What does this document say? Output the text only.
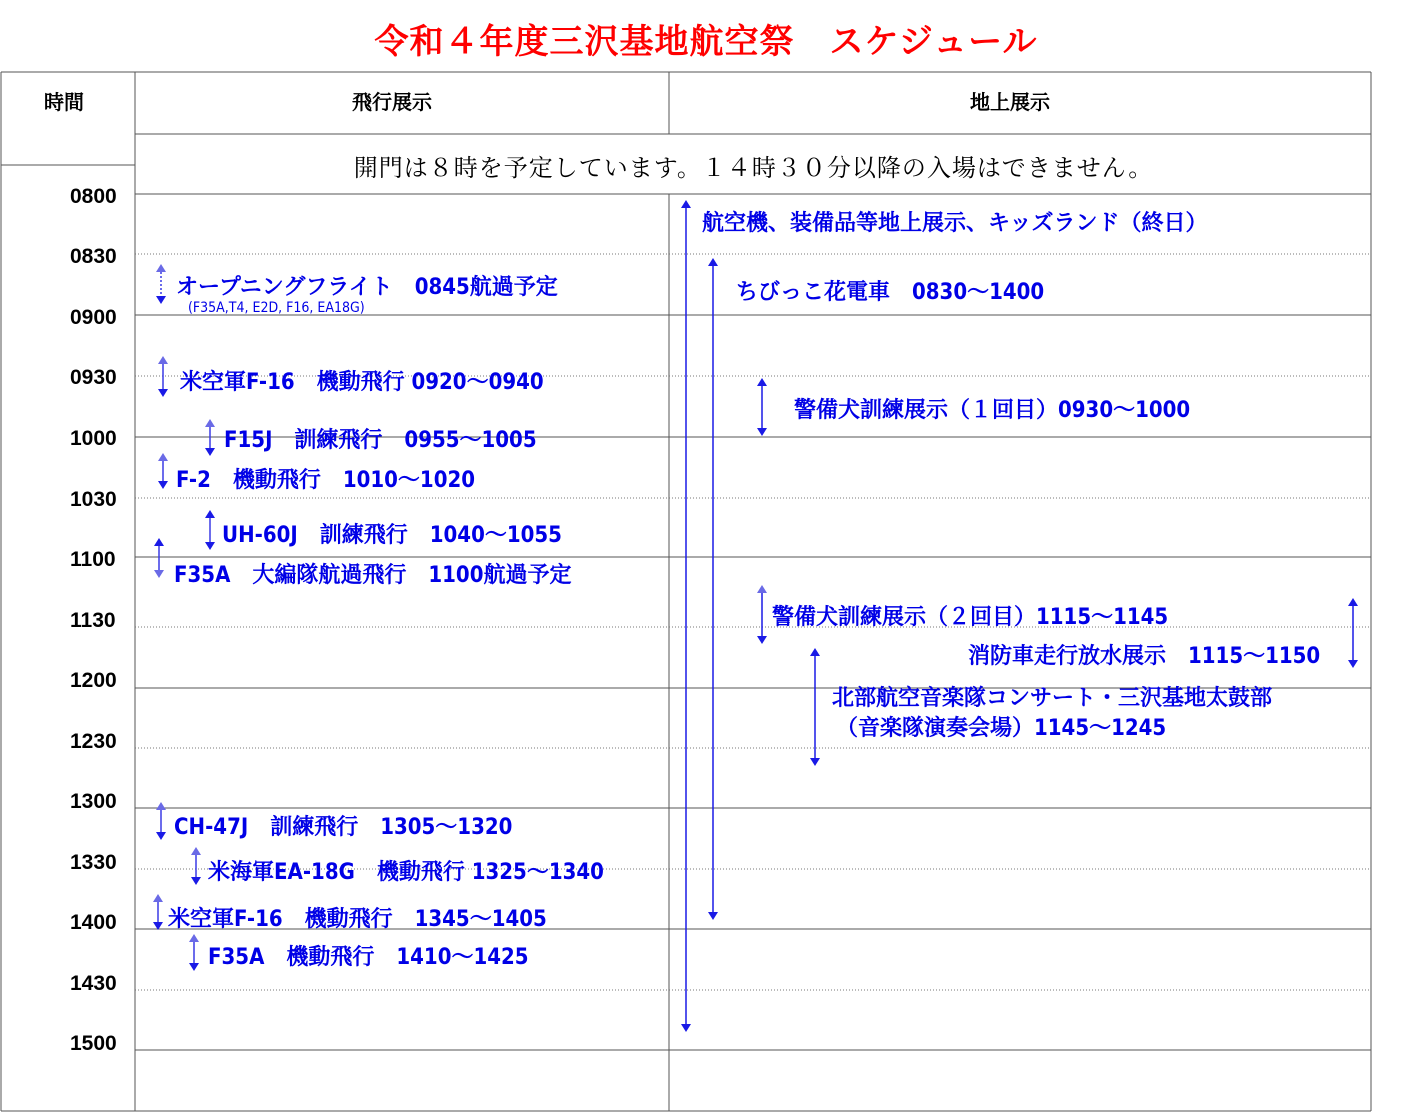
令和４年度三沢基地航空祭　スケジュール
時間	飛行展示	地上展示
開門は８時を予定しています。１４時３０分以降の入場はできません。
0800
0830
0900
0930
1000
1030
1100
1130
1200
1230
1300
1330
1400
1430
1500
オープニングフライト　0845航過予定
(F35A,T4, E2D, F16, EA18G)
米空軍F-16　機動飛行 0920～0940
F15J　訓練飛行　0955～1005
F-2　機動飛行　1010～1020
UH-60J　訓練飛行　1040～1055
F35A　大編隊航過飛行　1100航過予定
CH-47J　訓練飛行　1305～1320
米海軍EA-18G　機動飛行 1325～1340
米空軍F-16　機動飛行　1345～1405
F35A　機動飛行　1410～1425
航空機、装備品等地上展示、キッズランド（終日）
ちびっこ花電車　0830～1400
警備犬訓練展示（１回目）0930～1000
警備犬訓練展示（２回目）1115～1145
消防車走行放水展示　1115～1150
北部航空音楽隊コンサート・三沢基地太鼓部
（音楽隊演奏会場）1145～1245
